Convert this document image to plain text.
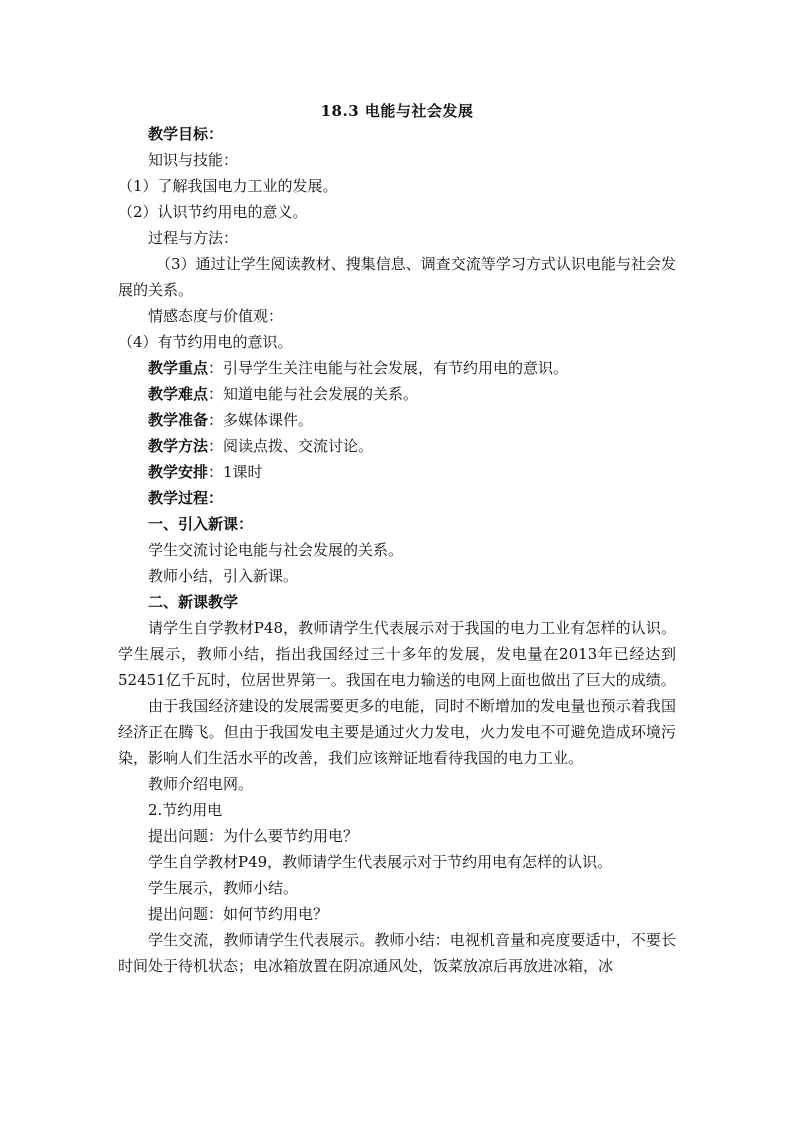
18.3 电能与社会发展

教学目标：

知识与技能：

（1）了解我国电力工业的发展。

（2）认识节约用电的意义。

过程与方法：

（3）通过让学生阅读教材、搜集信息、调查交流等学习方式认识电能与社会发展的关系。

情感态度与价值观：

（4）有节约用电的意识。

教学重点：引导学生关注电能与社会发展，有节约用电的意识。

教学难点：知道电能与社会发展的关系。

教学准备：多媒体课件。

教学方法：阅读点拨、交流讨论。

教学安排：1课时

教学过程：

一、引入新课：

学生交流讨论电能与社会发展的关系。

教师小结，引入新课。

二、新课教学

请学生自学教材P48，教师请学生代表展示对于我国的电力工业有怎样的认识。 学生展示，教师小结，指出我国经过三十多年的发展，发电量在2013年已经达到52451亿千瓦时，位居世界第一。我国在电力输送的电网上面也做出了巨大的成绩。

由于我国经济建设的发展需要更多的电能，同时不断增加的发电量也预示着我国经济正在腾飞。但由于我国发电主要是通过火力发电，火力发电不可避免造成环境污染，影响人们生活水平的改善，我们应该辩证地看待我国的电力工业。

教师介绍电网。

2.节约用电

提出问题：为什么要节约用电？

学生自学教材P49，教师请学生代表展示对于节约用电有怎样的认识。

学生展示，教师小结。

提出问题：如何节约用电？

学生交流，教师请学生代表展示。教师小结：电视机音量和亮度要适中，不要长时间处于待机状态；电冰箱放置在阴凉通风处，饭菜放凉后再放进冰箱，冰
